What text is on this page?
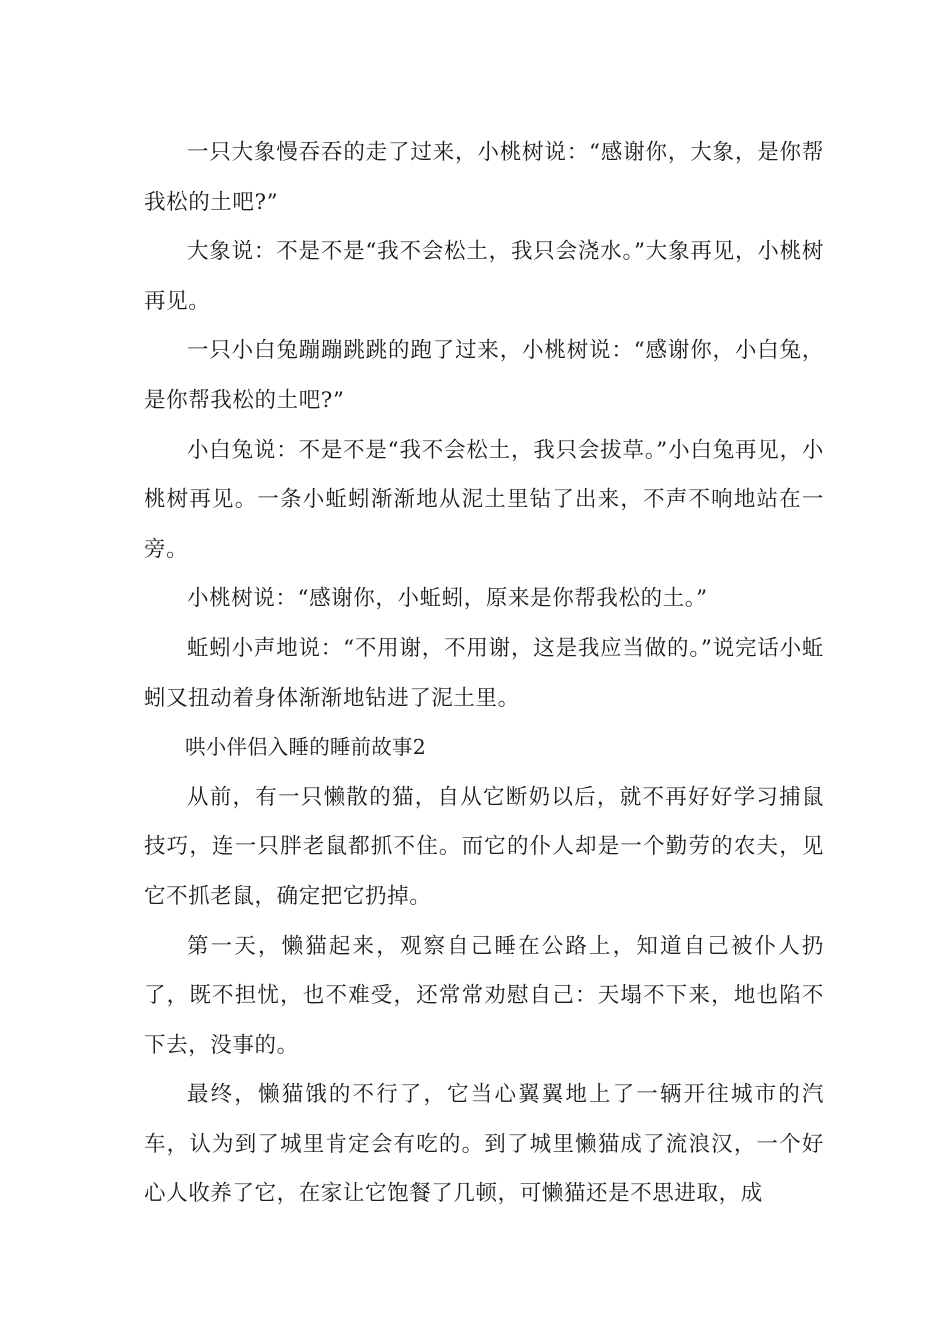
一只大象慢吞吞的走了过来，小桃树说：“感谢你，大象，是你帮我松的土吧?”

大象说：不是不是“我不会松土，我只会浇水。”大象再见，小桃树再见。

一只小白兔蹦蹦跳跳的跑了过来，小桃树说：“感谢你，小白兔，是你帮我松的土吧?”

小白兔说：不是不是“我不会松土，我只会拔草。”小白兔再见，小桃树再见。一条小蚯蚓渐渐地从泥土里钻了出来，不声不响地站在一旁。

小桃树说：“感谢你，小蚯蚓，原来是你帮我松的土。”

蚯蚓小声地说：“不用谢，不用谢，这是我应当做的。”说完话小蚯蚓又扭动着身体渐渐地钻进了泥土里。

哄小伴侣入睡的睡前故事2

从前，有一只懒散的猫，自从它断奶以后，就不再好好学习捕鼠技巧，连一只胖老鼠都抓不住。而它的仆人却是一个勤劳的农夫，见它不抓老鼠，确定把它扔掉。

第一天，懒猫起来，观察自己睡在公路上，知道自己被仆人扔了，既不担忧，也不难受，还常常劝慰自己：天塌不下来，地也陷不下去，没事的。

最终，懒猫饿的不行了，它当心翼翼地上了一辆开往城市的汽车，认为到了城里肯定会有吃的。到了城里懒猫成了流浪汉，一个好心人收养了它，在家让它饱餐了几顿，可懒猫还是不思进取，成
